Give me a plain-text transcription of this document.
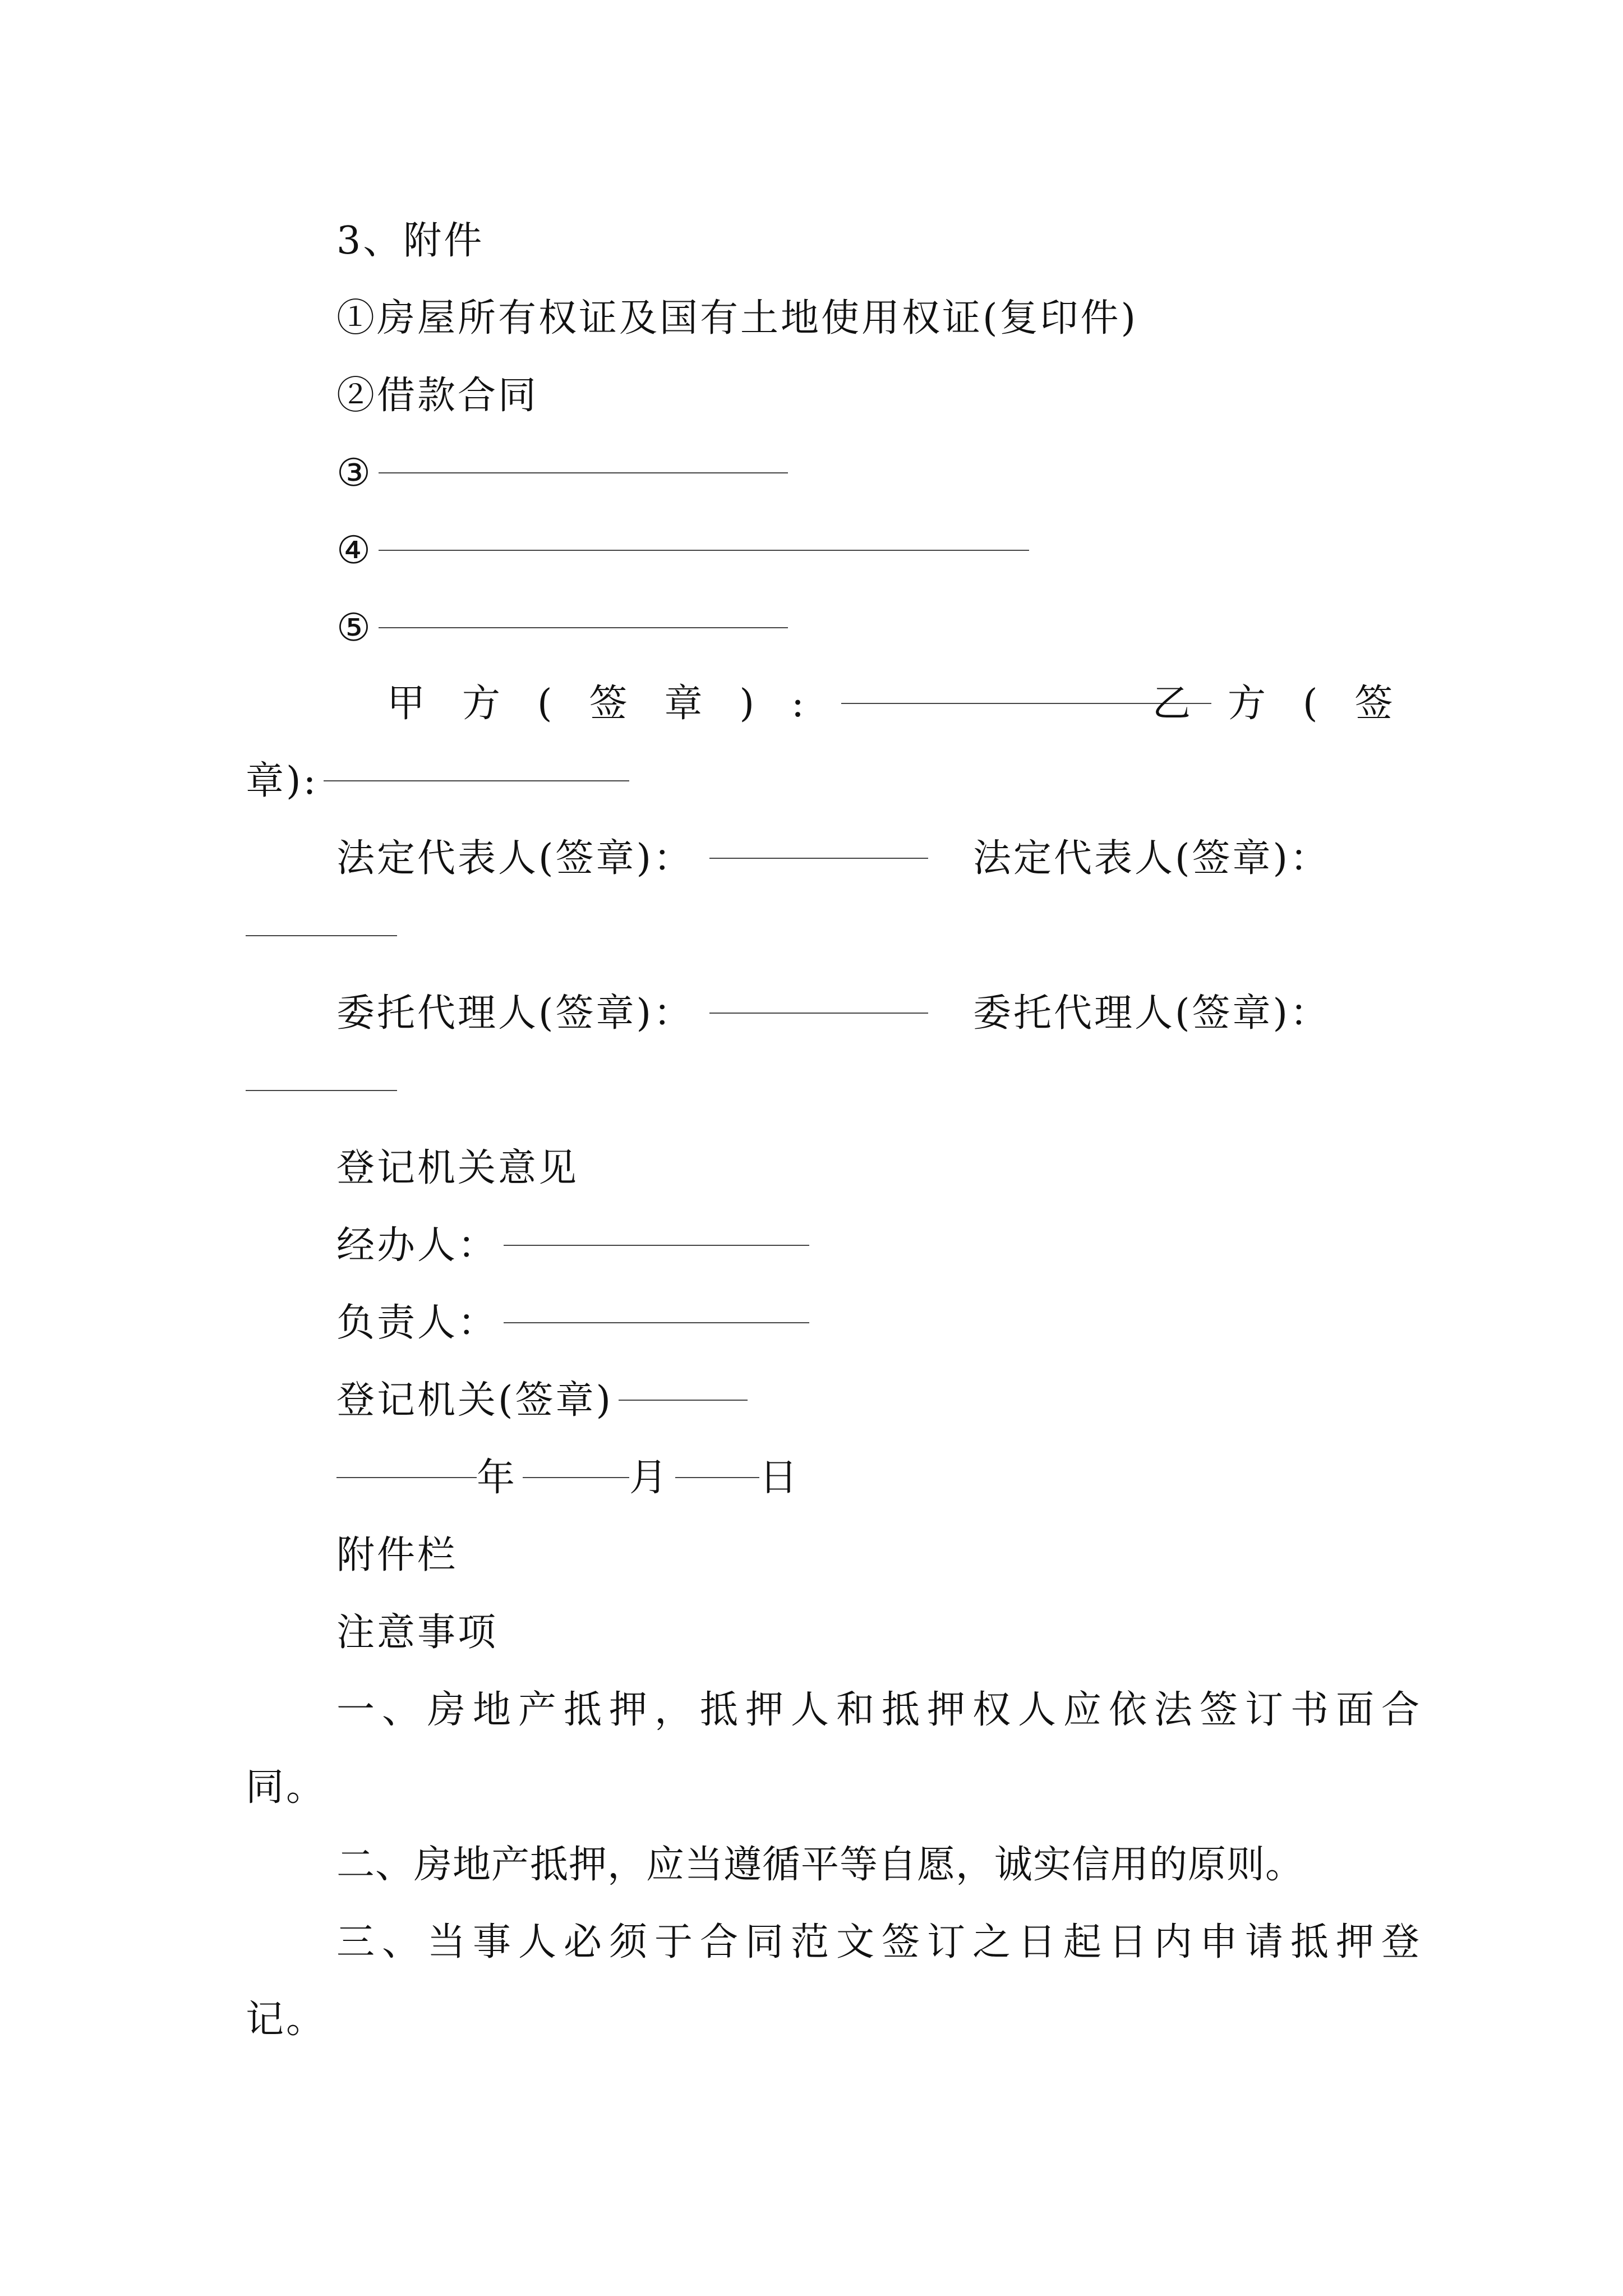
3、附件
①房屋所有权证及国有土地使用权证(复印件)
②借款合同
③
④
⑤
甲方(签章):	乙方(签
章):
法定代表人(签章)：	法定代表人(签章)：
委托代理人(签章)：	委托代理人(签章)：
登记机关意见
经办人：
负责人：
登记机关(签章)
年	月 日
附件栏
注意事项
一、房地产抵押，抵押人和抵押权人应依法签订书面合
同。
二、房地产抵押，应当遵循平等自愿，诚实信用的原则。
三、当事人必须于合同范文签订之日起日内申请抵押登
记。
